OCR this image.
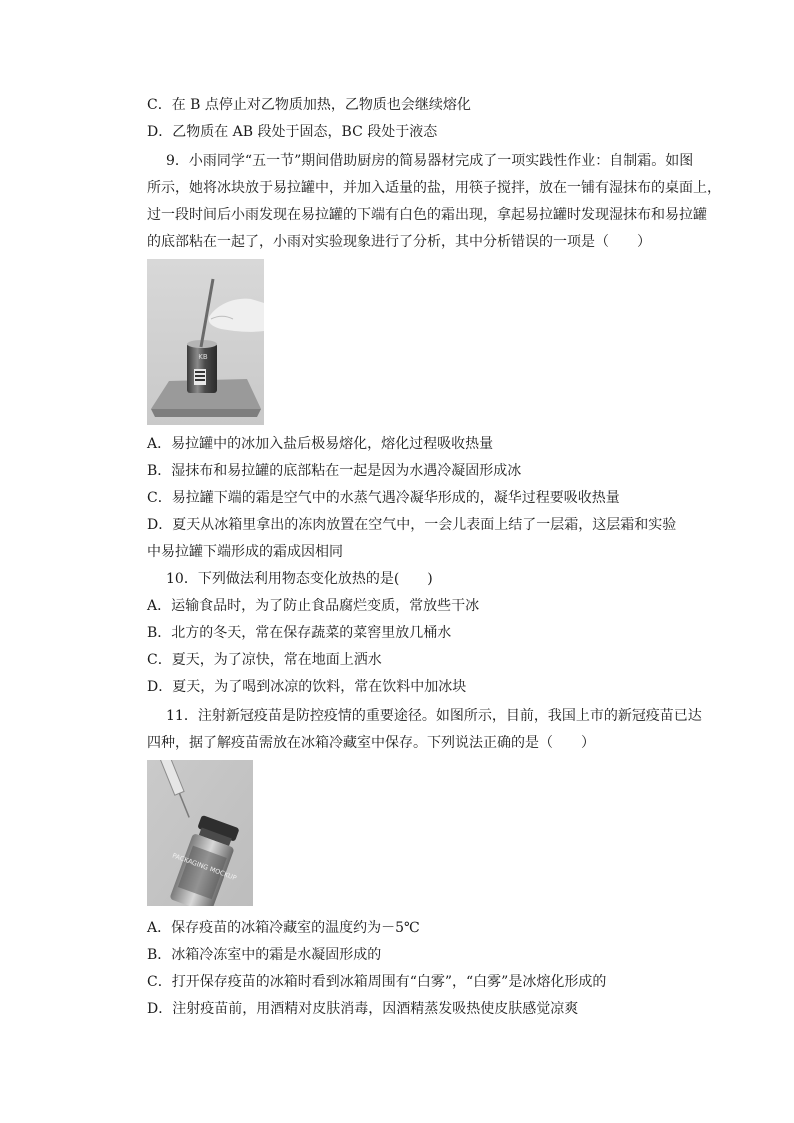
C．在 B 点停止对乙物质加热，乙物质也会继续熔化
D．乙物质在 AB 段处于固态，BC 段处于液态
9．小雨同学“五一节”期间借助厨房的简易器材完成了一项实践性作业：自制霜。如图
所示，她将冰块放于易拉罐中，并加入适量的盐，用筷子搅拌，放在一铺有湿抹布的桌面上，
过一段时间后小雨发现在易拉罐的下端有白色的霜出现，拿起易拉罐时发现湿抹布和易拉罐
的底部粘在一起了，小雨对实验现象进行了分析，其中分析错误的一项是（　　）
KB
A．易拉罐中的冰加入盐后极易熔化，熔化过程吸收热量
B．湿抹布和易拉罐的底部粘在一起是因为水遇冷凝固形成冰
C．易拉罐下端的霜是空气中的水蒸气遇冷凝华形成的，凝华过程要吸收热量
D．夏天从冰箱里拿出的冻肉放置在空气中，一会儿表面上结了一层霜，这层霜和实验
中易拉罐下端形成的霜成因相同
10．下列做法利用物态变化放热的是(　　)
A．运输食品时，为了防止食品腐烂变质，常放些干冰
B．北方的冬天，常在保存蔬菜的菜窖里放几桶水
C．夏天，为了凉快，常在地面上洒水
D．夏天，为了喝到冰凉的饮料，常在饮料中加冰块
11．注射新冠疫苗是防控疫情的重要途径。如图所示，目前，我国上市的新冠疫苗已达
四种，据了解疫苗需放在冰箱冷藏室中保存。下列说法正确的是（　　）
PACKAGING MOCKUP
A．保存疫苗的冰箱冷藏室的温度约为－5℃
B．冰箱冷冻室中的霜是水凝固形成的
C．打开保存疫苗的冰箱时看到冰箱周围有“白雾”，“白雾”是冰熔化形成的
D．注射疫苗前，用酒精对皮肤消毒，因酒精蒸发吸热使皮肤感觉凉爽
